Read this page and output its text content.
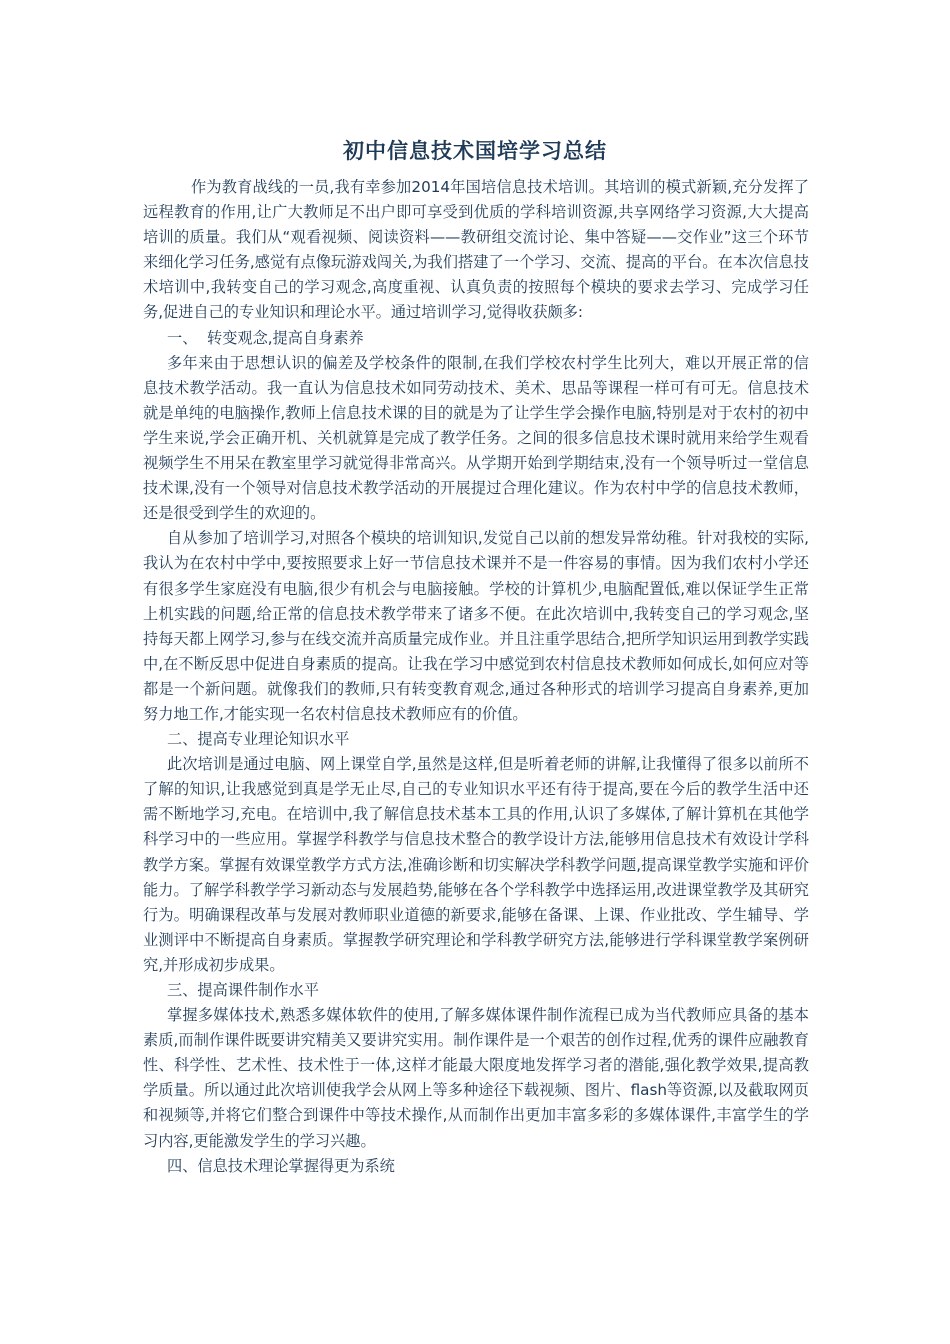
初中信息技术国培学习总结

作为教育战线的一员,我有幸参加2014年国培信息技术培训。其培训的模式新颖,充分发挥了远程教育的作用,让广大教师足不出户即可享受到优质的学科培训资源,共享网络学习资源,大大提高培训的质量。我们从“观看视频、阅读资料——教研组交流讨论、集中答疑——交作业”这三个环节来细化学习任务,感觉有点像玩游戏闯关,为我们搭建了一个学习、交流、提高的平台。在本次信息技术培训中,我转变自己的学习观念,高度重视、认真负责的按照每个模块的要求去学习、完成学习任务,促进自己的专业知识和理论水平。通过培训学习,觉得收获颇多:

一、  转变观念,提高自身素养

多年来由于思想认识的偏差及学校条件的限制,在我们学校农村学生比列大，难以开展正常的信息技术教学活动。我一直认为信息技术如同劳动技术、美术、思品等课程一样可有可无。信息技术就是单纯的电脑操作,教师上信息技术课的目的就是为了让学生学会操作电脑,特别是对于农村的初中学生来说,学会正确开机、关机就算是完成了教学任务。之间的很多信息技术课时就用来给学生观看视频学生不用呆在教室里学习就觉得非常高兴。从学期开始到学期结束,没有一个领导听过一堂信息技术课,没有一个领导对信息技术教学活动的开展提过合理化建议。作为农村中学的信息技术教师，还是很受到学生的欢迎的。

自从参加了培训学习,对照各个模块的培训知识,发觉自己以前的想发异常幼稚。针对我校的实际,我认为在农村中学中,要按照要求上好一节信息技术课并不是一件容易的事情。因为我们农村小学还有很多学生家庭没有电脑,很少有机会与电脑接触。学校的计算机少,电脑配置低,难以保证学生正常上机实践的问题,给正常的信息技术教学带来了诸多不便。在此次培训中,我转变自己的学习观念,坚持每天都上网学习,参与在线交流并高质量完成作业。并且注重学思结合,把所学知识运用到教学实践中,在不断反思中促进自身素质的提高。让我在学习中感觉到农村信息技术教师如何成长,如何应对等都是一个新问题。就像我们的教师,只有转变教育观念,通过各种形式的培训学习提高自身素养,更加努力地工作,才能实现一名农村信息技术教师应有的价值。

二、提高专业理论知识水平

此次培训是通过电脑、网上课堂自学,虽然是这样,但是听着老师的讲解,让我懂得了很多以前所不了解的知识,让我感觉到真是学无止尽,自己的专业知识水平还有待于提高,要在今后的教学生活中还需不断地学习,充电。在培训中,我了解信息技术基本工具的作用,认识了多媒体,了解计算机在其他学科学习中的一些应用。掌握学科教学与信息技术整合的教学设计方法,能够用信息技术有效设计学科教学方案。掌握有效课堂教学方式方法,准确诊断和切实解决学科教学问题,提高课堂教学实施和评价能力。了解学科教学学习新动态与发展趋势,能够在各个学科教学中选择运用,改进课堂教学及其研究行为。明确课程改革与发展对教师职业道德的新要求,能够在备课、上课、作业批改、学生辅导、学业测评中不断提高自身素质。掌握教学研究理论和学科教学研究方法,能够进行学科课堂教学案例研究,并形成初步成果。

三、提高课件制作水平

掌握多媒体技术,熟悉多媒体软件的使用,了解多媒体课件制作流程已成为当代教师应具备的基本素质,而制作课件既要讲究精美又要讲究实用。制作课件是一个艰苦的创作过程,优秀的课件应融教育性、科学性、艺术性、技术性于一体,这样才能最大限度地发挥学习者的潜能,强化教学效果,提高教学质量。所以通过此次培训使我学会从网上等多种途径下载视频、图片、flash等资源,以及截取网页和视频等,并将它们整合到课件中等技术操作,从而制作出更加丰富多彩的多媒体课件,丰富学生的学习内容,更能激发学生的学习兴趣。

四、信息技术理论掌握得更为系统
